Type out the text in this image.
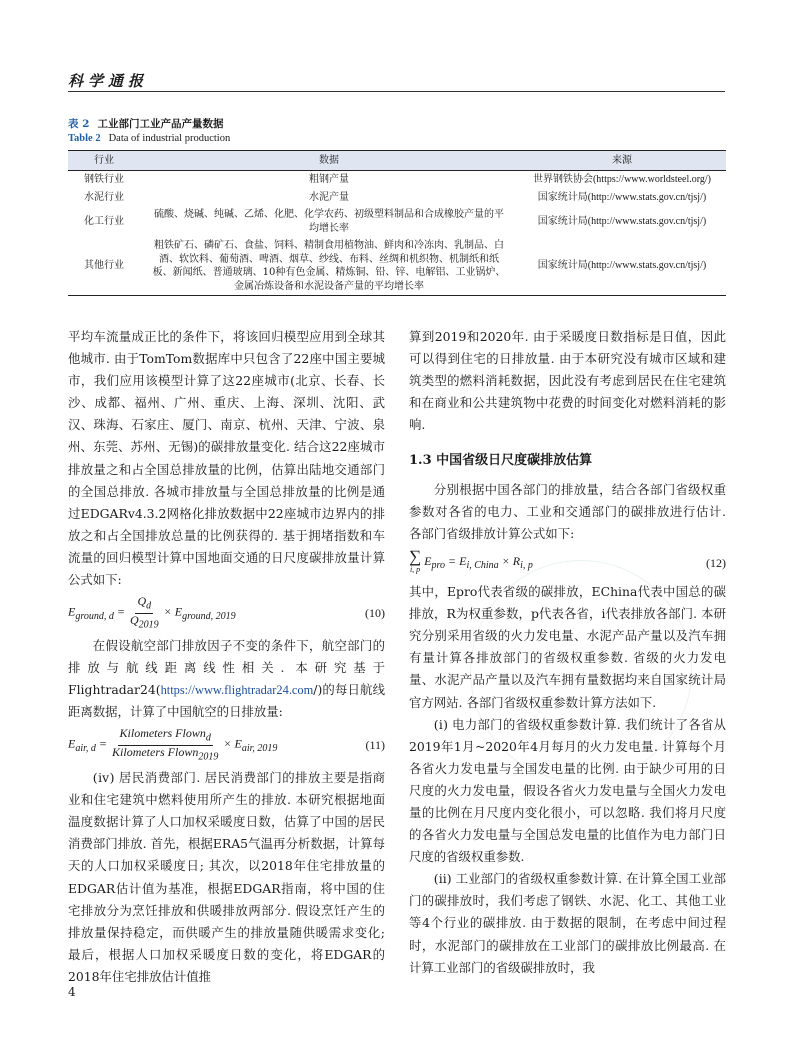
科学通报
表 2 工业部门工业产品产量数据
Table 2 Data of industrial production
行业	数据	来源
钢铁行业	粗钢产量	世界钢铁协会(https://www.worldsteel.org/)
水泥行业	水泥产量	国家统计局(http://www.stats.gov.cn/tjsj/)
化工行业	硫酸、烧碱、纯碱、乙烯、化肥、化学农药、初级塑料制品和合成橡胶产量的平均增长率	国家统计局(http://www.stats.gov.cn/tjsj/)
其他行业	粗铁矿石、磷矿石、食盐、饲料、精制食用植物油、鲜肉和冷冻肉、乳制品、白酒、软饮料、葡萄酒、啤酒、烟草、纱线、布料、丝绸和机织物、机制纸和纸板、新闻纸、普通玻璃、10种有色金属、精炼铜、铅、锌、电解铝、工业锅炉、金属冶炼设备和水泥设备产量的平均增长率	国家统计局(http://www.stats.gov.cn/tjsj/)

平均车流量成正比的条件下，将该回归模型应用到全球其他城市. 由于TomTom数据库中只包含了22座中国主要城市，我们应用该模型计算了这22座城市(北京、长春、长沙、成都、福州、广州、重庆、上海、深圳、沈阳、武汉、珠海、石家庄、厦门、南京、杭州、天津、宁波、泉州、东莞、苏州、无锡)的碳排放量变化. 结合这22座城市排放量之和占全国总排放量的比例，估算出陆地交通部门的全国总排放. 各城市排放量与全国总排放量的比例是通过EDGARv4.3.2网格化排放数据中22座城市边界内的排放之和占全国排放总量的比例获得的. 基于拥堵指数和车流量的回归模型计算中国地面交通的日尺度碳排放量计算公式如下:

$E_{ground, d} = \frac{Q_d}{Q_{2019}} \times E_{ground, 2019}$	(10)

在假设航空部门排放因子不变的条件下，航空部门的排放与航线距离线性相关. 本研究基于Flightradar24(https://www.flightradar24.com/)的每日航线距离数据，计算了中国航空的日排放量:

$E_{air, d} = \frac{Kilometers Flown_d}{Kilometers Flown_{2019}} \times E_{air, 2019}$	(11)

(ⅳ) 居民消费部门. 居民消费部门的排放主要是指商业和住宅建筑中燃料使用所产生的排放. 本研究根据地面温度数据计算了人口加权采暖度日数，估算了中国的居民消费部门排放. 首先，根据ERA5气温再分析数据，计算每天的人口加权采暖度日; 其次，以2018年住宅排放量的EDGAR估计值为基准，根据EDGAR指南，将中国的住宅排放分为烹饪排放和供暖排放两部分. 假设烹饪产生的排放量保持稳定，而供暖产生的排放量随供暖需求变化; 最后，根据人口加权采暖度日数的变化，将EDGAR的2018年住宅排放估计值推

算到2019和2020年. 由于采暖度日数指标是日值，因此可以得到住宅的日排放量. 由于本研究没有城市区域和建筑类型的燃料消耗数据，因此没有考虑到居民在住宅建筑和在商业和公共建筑物中花费的时间变化对燃料消耗的影响.

1.3 中国省级日尺度碳排放估算

分别根据中国各部门的排放量，结合各部门省级权重参数对各省的电力、工业和交通部门的碳排放进行估计. 各部门省级排放计算公式如下:

∑
i, p
$E_{pro} = E_{i, China} \times R_{i, p}$	(12)

其中，Epro代表省级的碳排放，EChina代表中国总的碳排放，R为权重参数，p代表各省，i代表排放各部门. 本研究分别采用省级的火力发电量、水泥产品产量以及汽车拥有量计算各排放部门的省级权重参数. 省级的火力发电量、水泥产品产量以及汽车拥有量数据均来自国家统计局官方网站. 各部门省级权重参数计算方法如下.

(ⅰ) 电力部门的省级权重参数计算. 我们统计了各省从2019年1月~2020年4月每月的火力发电量. 计算每个月各省火力发电量与全国发电量的比例. 由于缺少可用的日尺度的火力发电量，假设各省火力发电量与全国火力发电量的比例在月尺度内变化很小，可以忽略. 我们将月尺度的各省火力发电量与全国总发电量的比值作为电力部门日尺度的省级权重参数.

(ⅱ) 工业部门的省级权重参数计算. 在计算全国工业部门的碳排放时，我们考虑了钢铁、水泥、化工、其他工业等4个行业的碳排放. 由于数据的限制，在考虑中间过程时，水泥部门的碳排放在工业部门的碳排放比例最高. 在计算工业部门的省级碳排放时，我

4
